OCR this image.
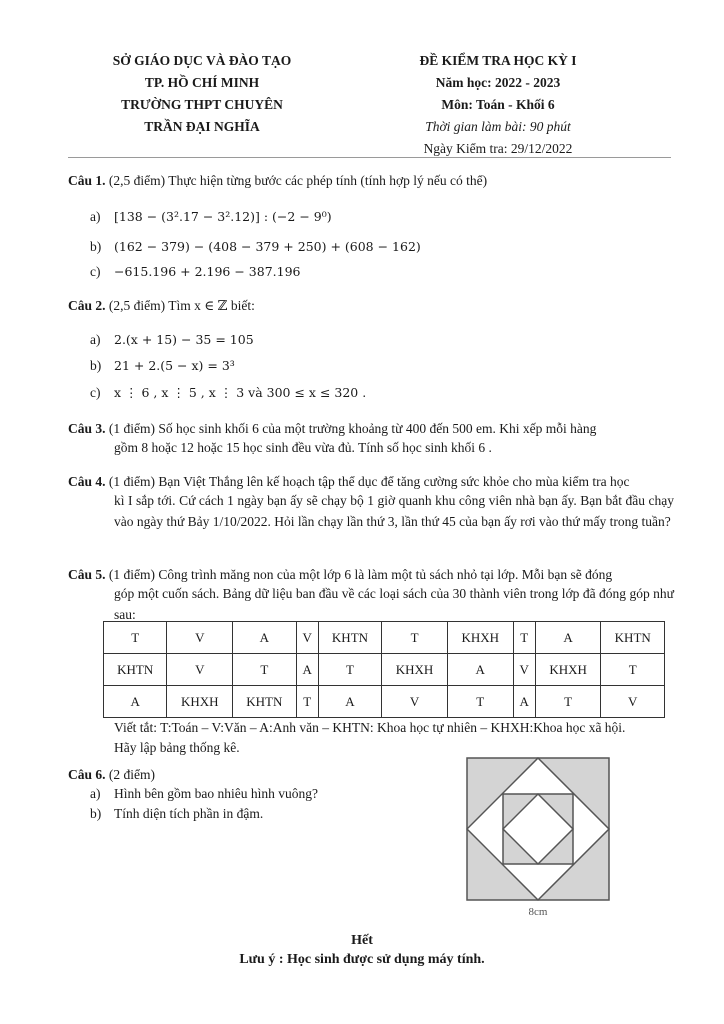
SỞ GIÁO DỤC VÀ ĐÀO TẠO
TP. HỒ CHÍ MINH
TRƯỜNG THPT CHUYÊN
TRẦN ĐẠI NGHĨA
ĐỀ KIỂM TRA HỌC KỲ I
Năm học: 2022 - 2023
Môn: Toán - Khối 6
Thời gian làm bài: 90 phút
Ngày Kiểm tra: 29/12/2022
Câu 1. (2,5 điểm) Thực hiện từng bước các phép tính (tính hợp lý nếu có thể)
a) [138 − (3².17 − 3².12)] : (−2 − 9⁰)
b) (162 − 379) − (408 − 379 + 250) + (608 − 162)
c) −615.196 + 2.196 − 387.196
Câu 2. (2,5 điểm) Tìm x ∈ ℤ biết:
a) 2.(x + 15) − 35 = 105
b) 21 + 2.(5 − x) = 3³
c) x ⋮ 6 , x ⋮ 5 , x ⋮ 3 và 300 ≤ x ≤ 320 .
Câu 3. (1 điểm) Số học sinh khối 6 của một trường khoảng từ 400 đến 500 em. Khi xếp mỗi hàng
gồm 8 hoặc 12 hoặc 15 học sinh đều vừa đủ. Tính số học sinh khối 6 .
Câu 4. (1 điểm) Bạn Việt Thắng lên kế hoạch tập thể dục để tăng cường sức khỏe cho mùa kiểm tra học
kì I sắp tới. Cứ cách 1 ngày bạn ấy sẽ chạy bộ 1 giờ quanh khu công viên nhà bạn ấy. Bạn bắt đầu chạy vào ngày thứ Bảy 1/10/2022. Hỏi lần chạy lần thứ 3, lần thứ 45 của bạn ấy rơi vào thứ mấy trong tuần?
Câu 5. (1 điểm) Công trình măng non của một lớp 6 là làm một tủ sách nhỏ tại lớp. Mỗi bạn sẽ đóng
góp một cuốn sách. Bảng dữ liệu ban đầu về các loại sách của 30 thành viên trong lớp đã đóng góp như sau:
T	V	A	V	KHTN	T	KHXH	T	A	KHTN
KHTN	V	T	A	T	KHXH	A	V	KHXH	T
A	KHXH	KHTN	T	A	V	T	A	T	V
Viết tắt: T:Toán – V:Văn – A:Anh văn – KHTN: Khoa học tự nhiên – KHXH:Khoa học xã hội.
Hãy lập bảng thống kê.
Câu 6. (2 điểm)
a) Hình bên gồm bao nhiêu hình vuông?
b) Tính diện tích phần in đậm.
8cm
Hết
Lưu ý : Học sinh được sử dụng máy tính.
